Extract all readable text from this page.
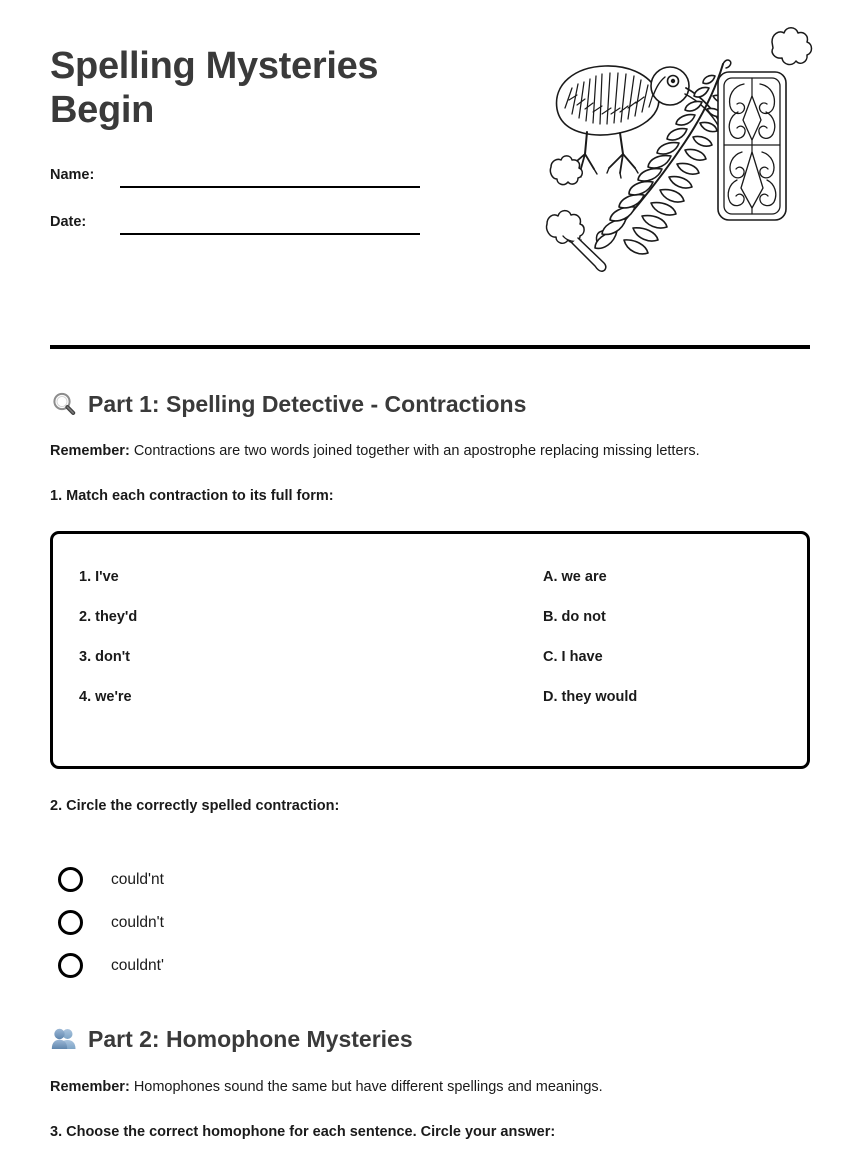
Spelling Mysteries Begin
Name:
Date:
Part 1: Spelling Detective - Contractions
Remember: Contractions are two words joined together with an apostrophe replacing missing letters.
1. Match each contraction to its full form:
1. I've
2. they'd
3. don't
4. we're
A. we are
B. do not
C. I have
D. they would
2. Circle the correctly spelled contraction:
could'nt
couldn't
couldnt'
Part 2: Homophone Mysteries
Remember: Homophones sound the same but have different spellings and meanings.
3. Choose the correct homophone for each sentence. Circle your answer:
